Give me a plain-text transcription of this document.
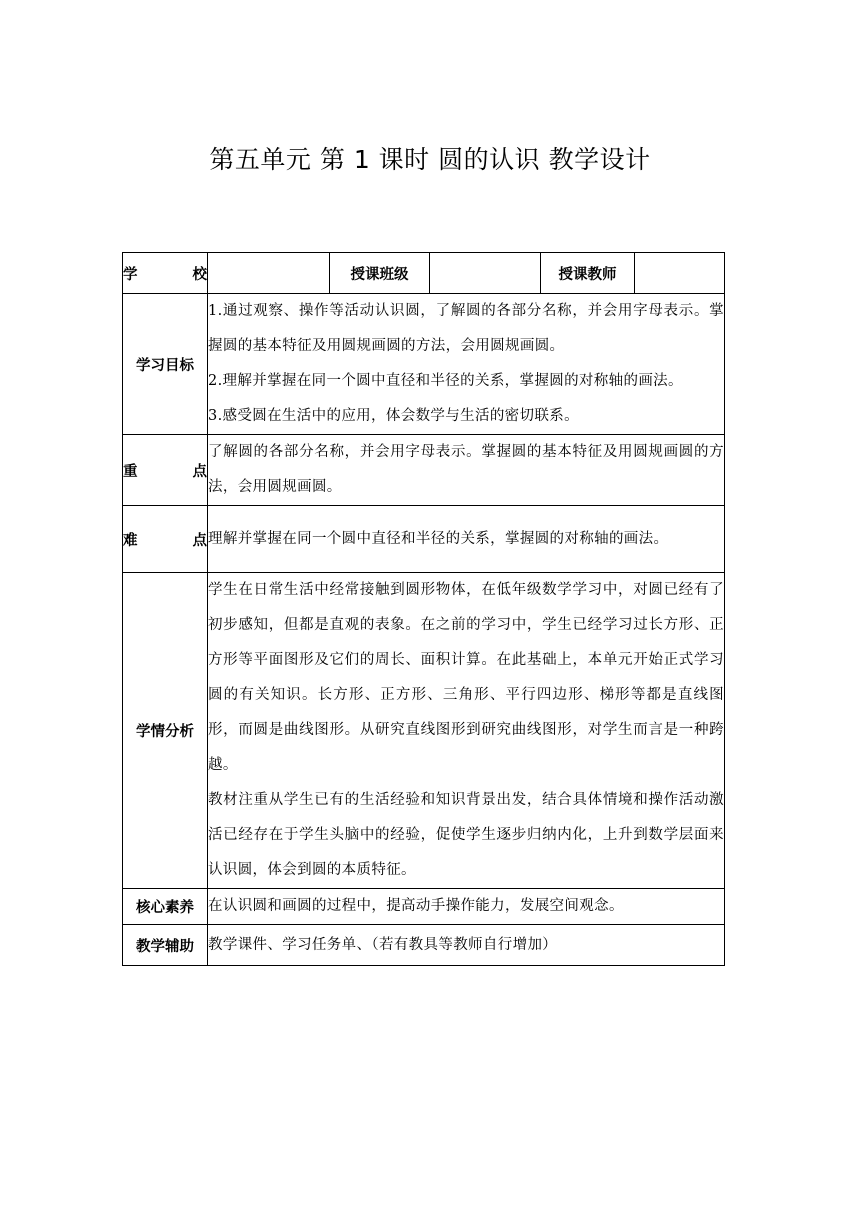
第五单元 第 1 课时 圆的认识 教学设计
学　　校		授课班级		授课教师	
学习目标	1.通过观察、操作等活动认识圆，了解圆的各部分名称，并会用字母表示。掌握圆的基本特征及用圆规画圆的方法，会用圆规画圆。

2.理解并掌握在同一个圆中直径和半径的关系，掌握圆的对称轴的画法。

3.感受圆在生活中的应用，体会数学与生活的密切联系。				

重　　点	了解圆的各部分名称，并会用字母表示。掌握圆的基本特征及用圆规画圆的方法，会用圆规画圆。				
难　　点	理解并掌握在同一个圆中直径和半径的关系，掌握圆的对称轴的画法。				
学情分析	学生在日常生活中经常接触到圆形物体，在低年级数学学习中，对圆已经有了初步感知，但都是直观的表象。在之前的学习中，学生已经学习过长方形、正方形等平面图形及它们的周长、面积计算。在此基础上，本单元开始正式学习圆的有关知识。长方形、正方形、三角形、平行四边形、梯形等都是直线图形，而圆是曲线图形。从研究直线图形到研究曲线图形，对学生而言是一种跨越。

教材注重从学生已有的生活经验和知识背景出发，结合具体情境和操作活动激活已经存在于学生头脑中的经验，促使学生逐步归纳内化，上升到数学层面来认识圆，体会到圆的本质特征。				

核心素养	在认识圆和画圆的过程中，提高动手操作能力，发展空间观念。				
教学辅助	教学课件、学习任务单、（若有教具等教师自行增加）				
